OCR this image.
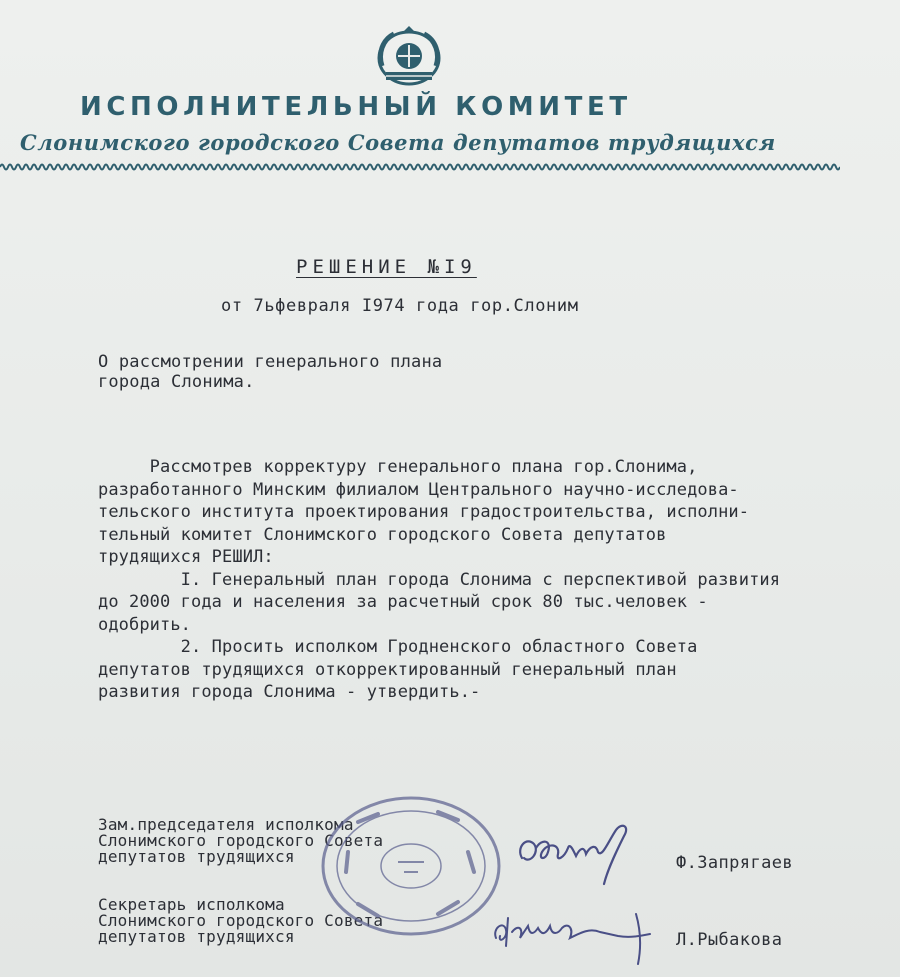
ИСПОЛНИТЕЛЬНЫЙ КОМИТЕТ
Слонимского городского Совета депутатов трудящихся
РЕШЕНИЕ №I9
от 7ьфевраля I974 года гор.Слоним
О рассмотрении генерального плана
города Слонима.
Рассмотрев корректуру генерального плана гор.Слонима,
разработанного Минским филиалом Центрального научно-исследова-
тельского института проектирования градостроительства, исполни-
тельный комитет Слонимского городского Совета депутатов
трудящихся РЕШИЛ:
I. Генеральный план города Слонима с перспективой развития
до 2000 года и населения за расчетный срок 80 тыс.человек -
одобрить.
2. Просить исполком Гродненского областного Совета
депутатов трудящихся откорректированный генеральный план
развития города Слонима - утвердить.-
Зам.председателя исполкома
Слонимского городского Совета
депутатов трудящихся	Ф.Запрягаев
Секретарь исполкома
Слонимского городского Совета
депутатов трудящихся	Л.Рыбакова
